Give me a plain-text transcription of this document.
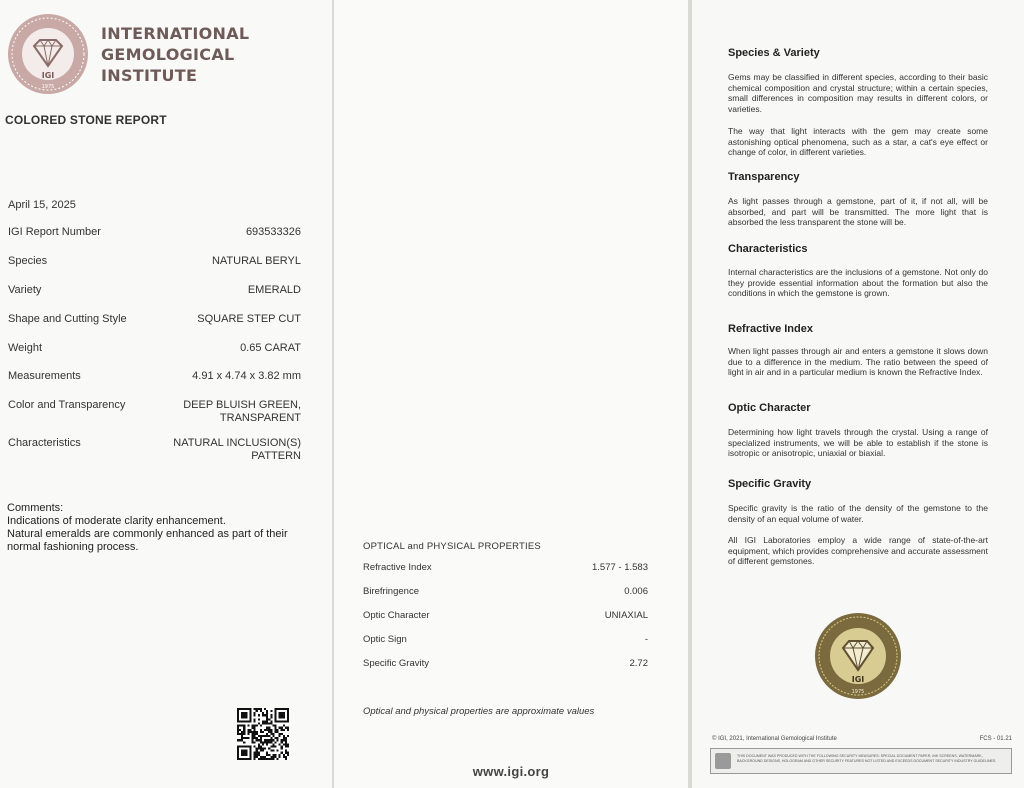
IGI
1975
INTERNATIONAL
GEMOLOGICAL
INSTITUTE
COLORED STONE REPORT
April 15, 2025
IGI Report Number	693533326
Species	NATURAL BERYL
Variety	EMERALD
Shape and Cutting Style	SQUARE STEP CUT
Weight	0.65 CARAT
Measurements	4.91 x 4.74 x 3.82 mm
Color and Transparency	DEEP BLUISH GREEN,
TRANSPARENT
Characteristics	NATURAL INCLUSION(S)
PATTERN
Comments:
Indications of moderate clarity enhancement.
Natural emeralds are commonly enhanced as part of their normal fashioning process.	OPTICAL and PHYSICAL PROPERTIES
Refractive Index	1.577 - 1.583
Birefringence	0.006
Optic Character	UNIAXIAL
Optic Sign	-
Specific Gravity	2.72
Optical and physical properties are approximate values
www.igi.org
Species & Variety
Gems may be classified in different species, according to their basic chemical composition and crystal structure; within a certain species, small differences in composition may results in different colors, or varieties.
The way that light interacts with the gem may create some astonishing optical phenomena, such as a star, a cat's eye effect or change of color, in different varieties.
Transparency
As light passes through a gemstone, part of it, if not all, will be absorbed, and part will be transmitted. The more light that is absorbed the less transparent the stone will be.
Characteristics
Internal characteristics are the inclusions of a gemstone. Not only do they provide essential information about the formation but also the conditions in which the gemstone is grown.
Refractive Index
When light passes through air and enters a gemstone it slows down due to a difference in the medium. The ratio between the speed of light in air and in a particular medium is known the Refractive Index.
Optic Character
Determining how light travels through the crystal. Using a range of specialized instruments, we will be able to establish if the stone is isotropic or anisotropic, uniaxial or biaxial.
Specific Gravity
Specific gravity is the ratio of the density of the gemstone to the density of an equal volume of water.
All IGI Laboratories employ a wide range of state-of-the-art equipment, which provides comprehensive and accurate assessment of different gemstones.
IGI
1975
© IGI, 2021, International Gemological Institute	FCS - 01.21
THIS DOCUMENT WAS PRODUCED WITH THE FOLLOWING SECURITY MEASURES: SPECIAL DOCUMENT PAPER, INK SCREENS, WATERMARK, BACKGROUND DESIGNS, HOLOGRAM AND OTHER SECURITY FEATURES NOT LISTED AND EXCEEDS DOCUMENT SECURITY INDUSTRY GUIDELINES.
